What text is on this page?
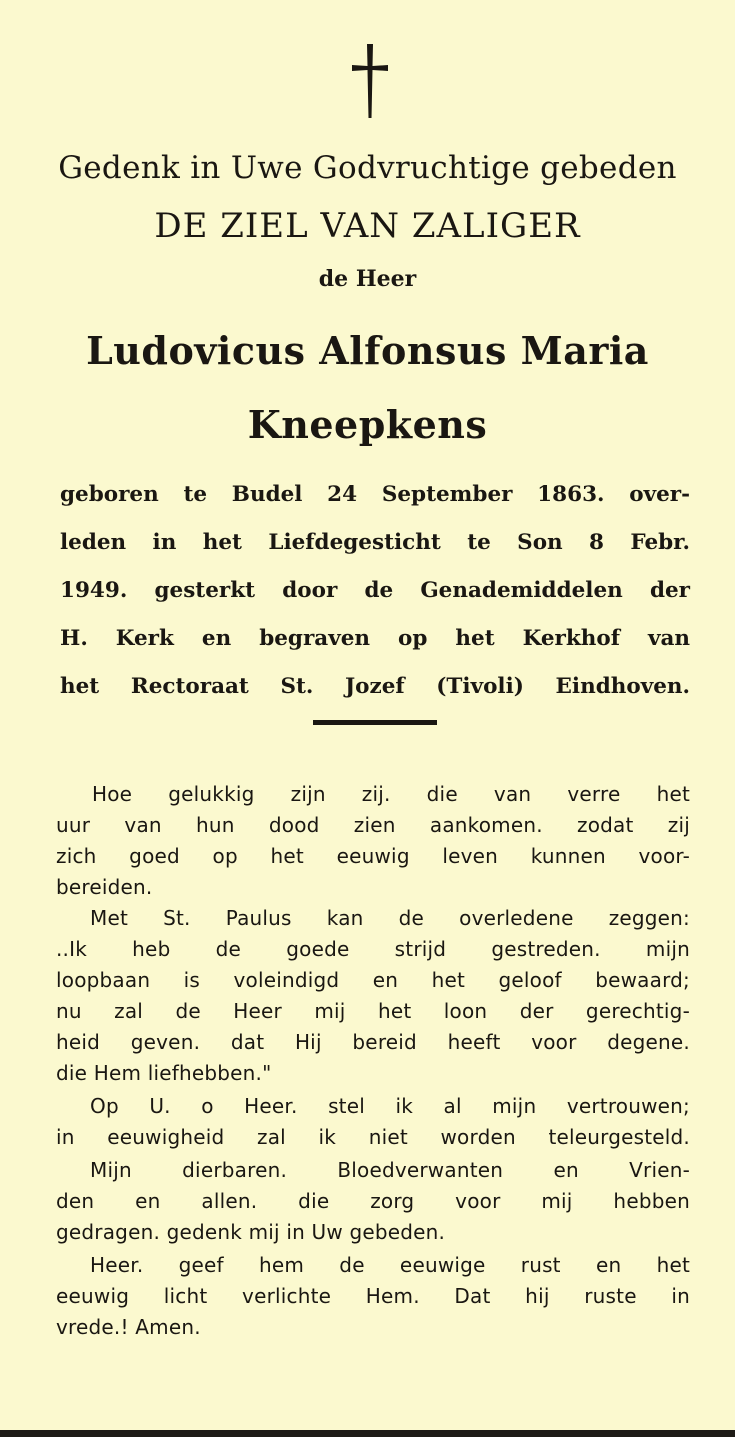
Gedenk in Uwe Godvruchtige gebeden
DE ZIEL VAN ZALIGER
de Heer
Ludovicus Alfonsus Maria
Kneepkens
geboren te Budel 24 September 1863. over-
leden in het Liefdegesticht te Son 8 Febr.
1949. gesterkt door de Genademiddelen der
H. Kerk en begraven op het Kerkhof van
het Rectoraat St. Jozef (Tivoli) Eindhoven.
Hoe gelukkig zijn zij. die van verre het
uur van hun dood zien aankomen. zodat zij
zich goed op het eeuwig leven kunnen voor-
bereiden.
Met St. Paulus kan de overledene zeggen:
..Ik heb de goede strijd gestreden. mijn
loopbaan is voleindigd en het geloof bewaard;
nu zal de Heer mij het loon der gerechtig-
heid geven. dat Hij bereid heeft voor degene.
die Hem liefhebben."
Op U. o Heer. stel ik al mijn vertrouwen;
in eeuwigheid zal ik niet worden teleurgesteld.
Mijn dierbaren. Bloedverwanten en Vrien-
den en allen. die zorg voor mij hebben
gedragen. gedenk mij in Uw gebeden.
Heer. geef hem de eeuwige rust en het
eeuwig licht verlichte Hem. Dat hij ruste in
vrede.! Amen.
